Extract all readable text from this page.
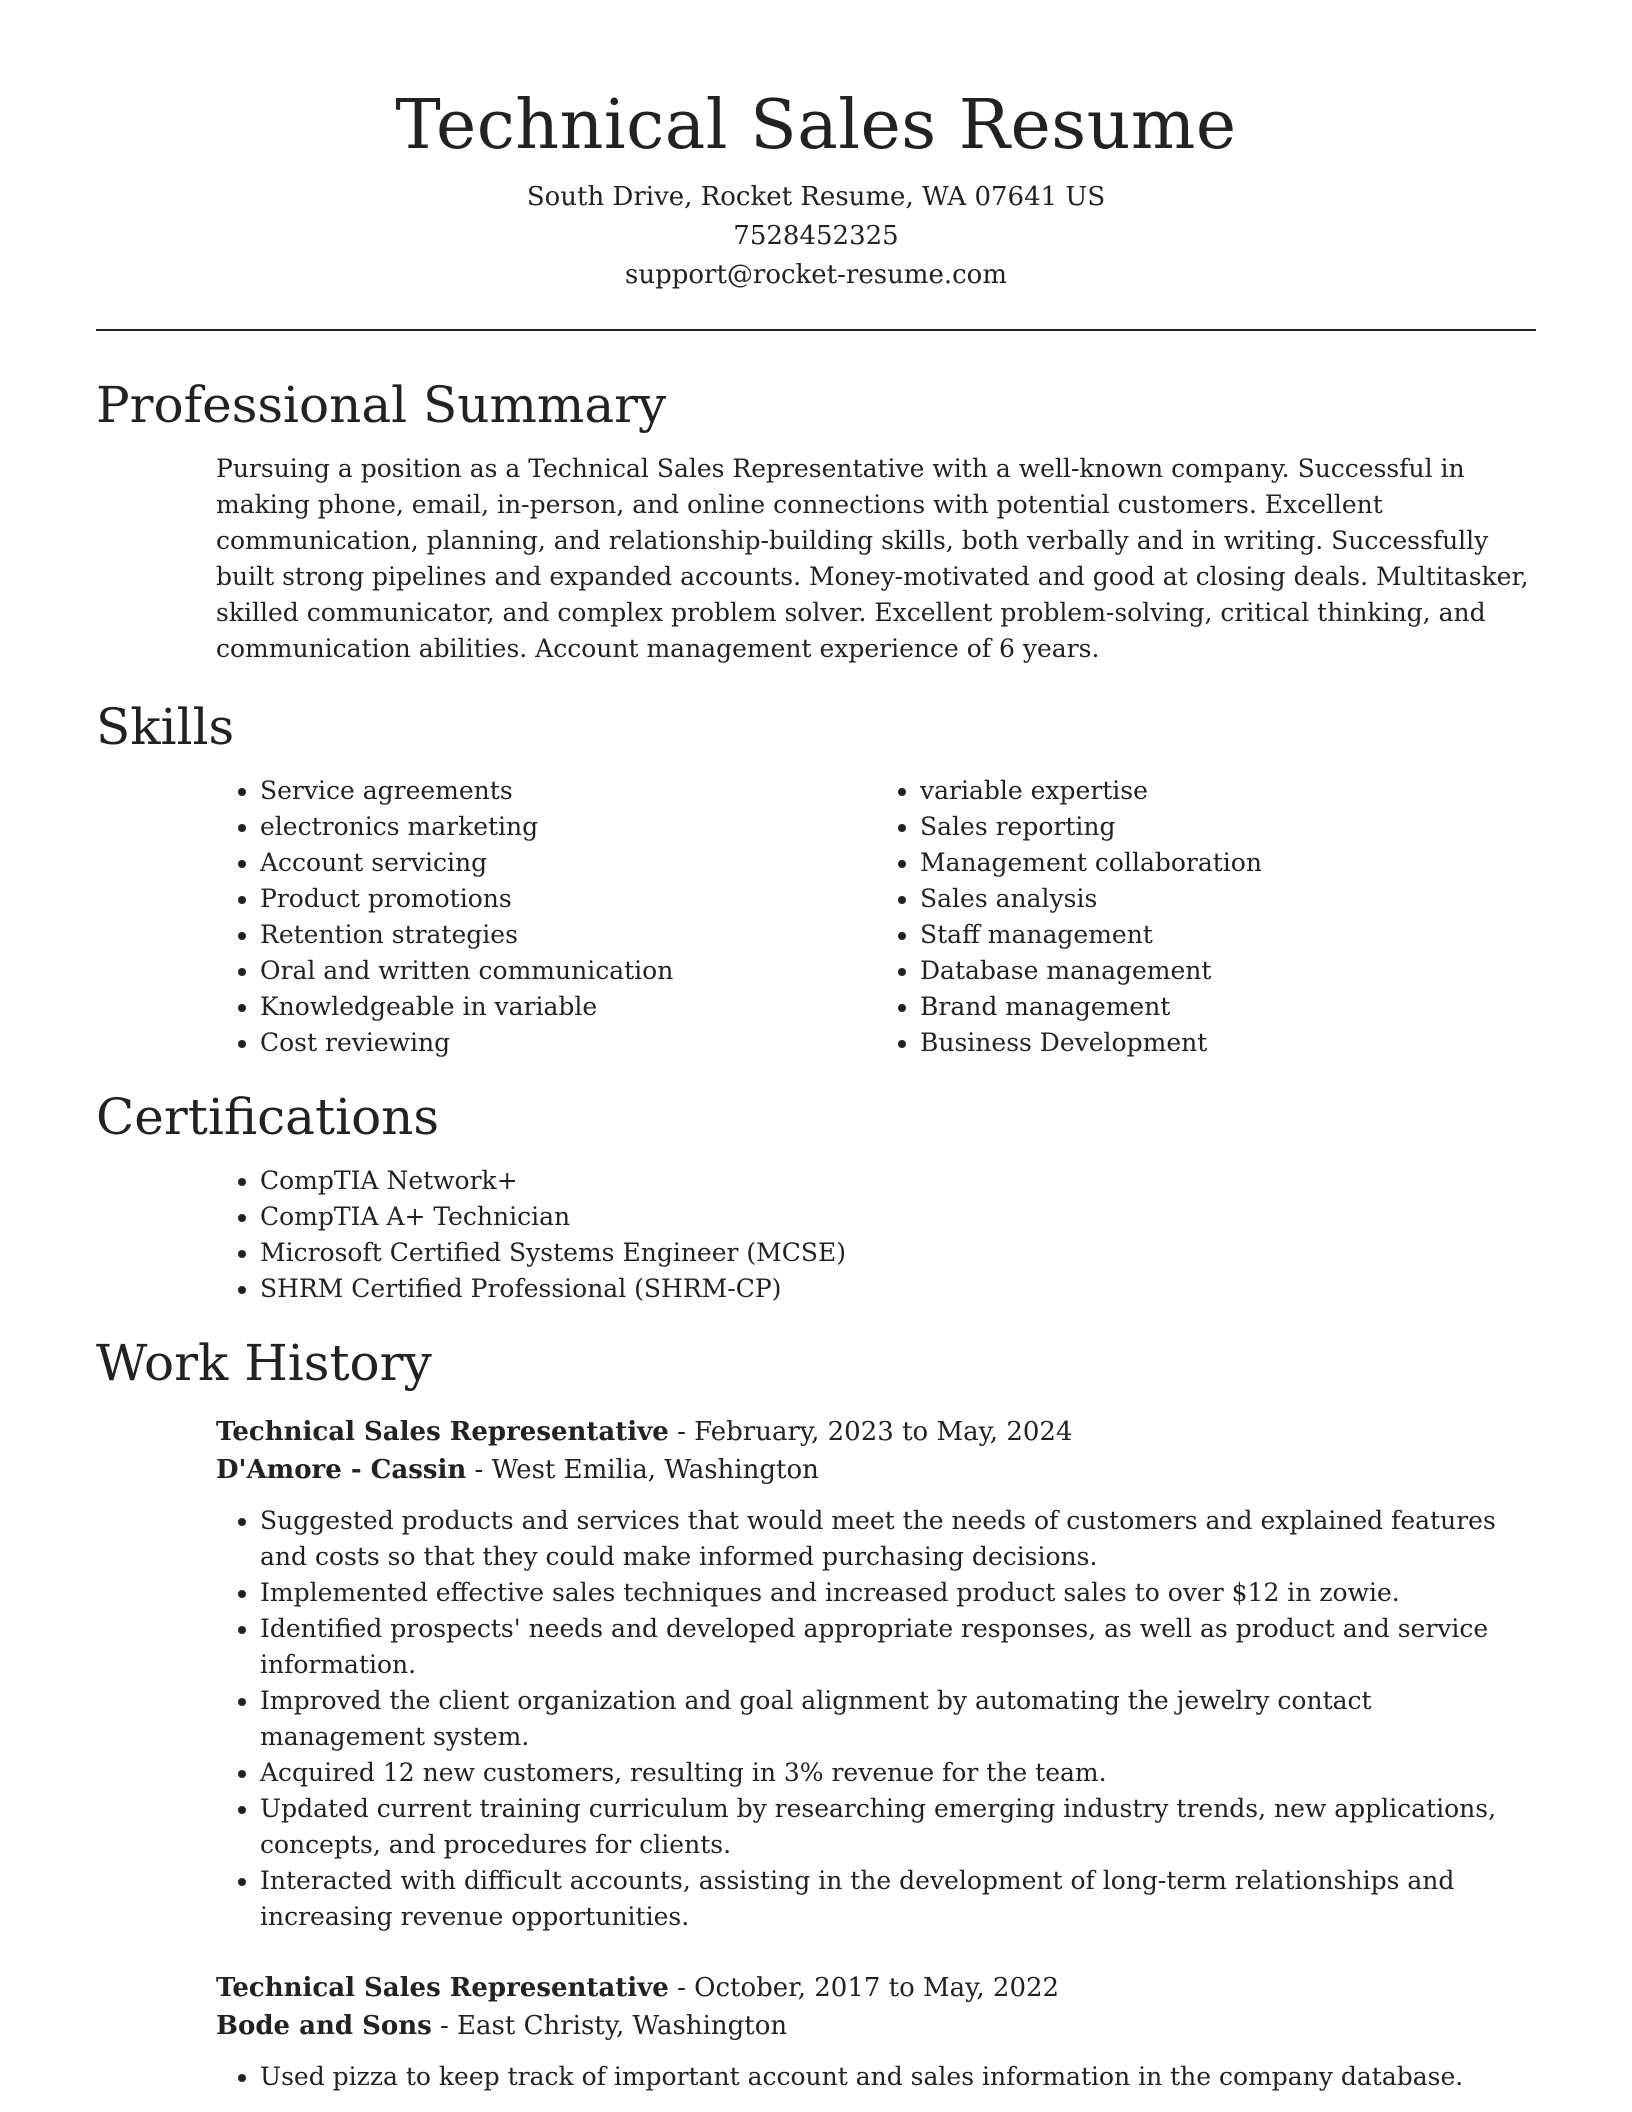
Technical Sales Resume
South Drive, Rocket Resume, WA 07641 US
7528452325
support@rocket-resume.com
Professional Summary

Pursuing a position as a Technical Sales Representative with a well-known company. Successful in making phone, email, in-person, and online connections with potential customers. Excellent communication, planning, and relationship-building skills, both verbally and in writing. Successfully built strong pipelines and expanded accounts. Money-motivated and good at closing deals. Multitasker, skilled communicator, and complex problem solver. Excellent problem-solving, critical thinking, and communication abilities. Account management experience of 6 years.

Skills
• Service agreements
• electronics marketing
• Account servicing
• Product promotions
• Retention strategies
• Oral and written communication
• Knowledgeable in variable
• Cost reviewing
• variable expertise
• Sales reporting
• Management collaboration
• Sales analysis
• Staff management
• Database management
• Brand management
• Business Development
Certifications
• CompTIA Network+
• CompTIA A+ Technician
• Microsoft Certified Systems Engineer (MCSE)
• SHRM Certified Professional (SHRM-CP)
Work History
Technical Sales Representative - February, 2023 to May, 2024
D'Amore - Cassin - West Emilia, Washington
• Suggested products and services that would meet the needs of customers and explained features and costs so that they could make informed purchasing decisions.
• Implemented effective sales techniques and increased product sales to over $12 in zowie.
• Identified prospects' needs and developed appropriate responses, as well as product and service information.
• Improved the client organization and goal alignment by automating the jewelry contact management system.
• Acquired 12 new customers, resulting in 3% revenue for the team.
• Updated current training curriculum by researching emerging industry trends, new applications, concepts, and procedures for clients.
• Interacted with difficult accounts, assisting in the development of long-term relationships and increasing revenue opportunities.
Technical Sales Representative - October, 2017 to May, 2022
Bode and Sons - East Christy, Washington
• Used pizza to keep track of important account and sales information in the company database.
